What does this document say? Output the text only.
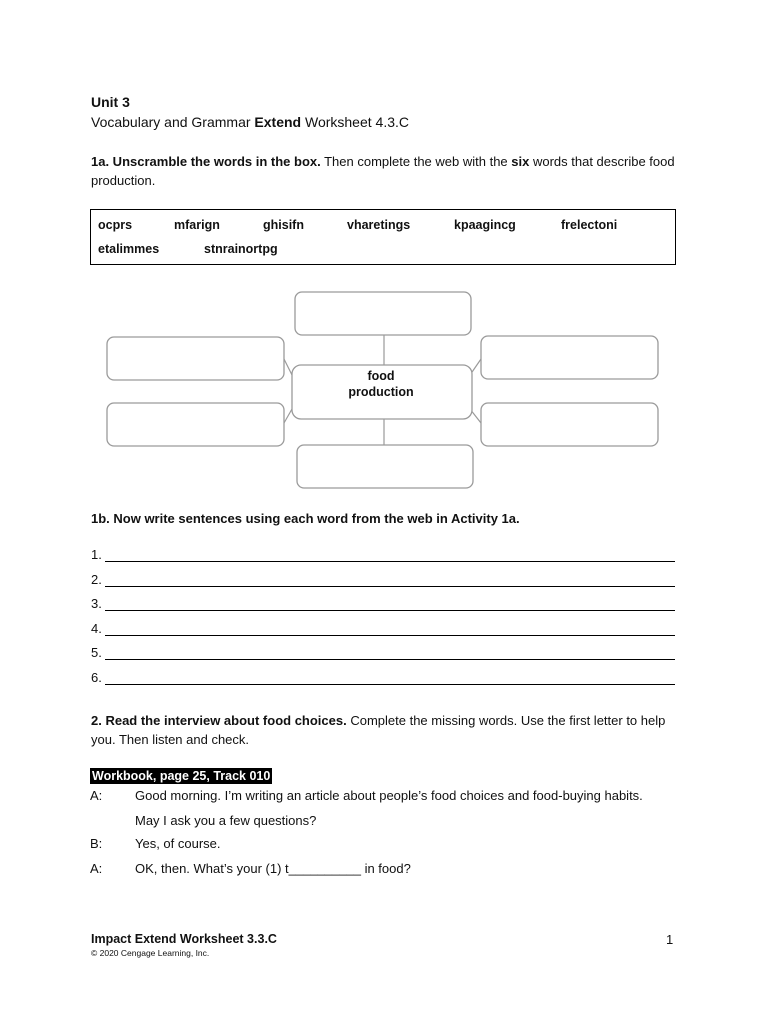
Unit 3
Vocabulary and Grammar Extend Worksheet 4.3.C
1a. Unscramble the words in the box. Then complete the web with the six words that describe food production.
ocprs	mfarign	ghisifn	vharetings	kpaagincg	frelectoni
etalimmes	stnrainortpg
food
production
1b. Now write sentences using each word from the web in Activity 1a.
1.
2.
3.
4.
5.
6.
2. Read the interview about food choices. Complete the missing words. Use the first letter to help you. Then listen and check.
Workbook, page 25, Track 010
A:	Good morning. I’m writing an article about people’s food choices and food-buying habits.
May I ask you a few questions?
B:	Yes, of course.
A:	OK, then. What’s your (1) t__________ in food?
Impact Extend Worksheet 3.3.C
© 2020 Cengage Learning, Inc.
1
